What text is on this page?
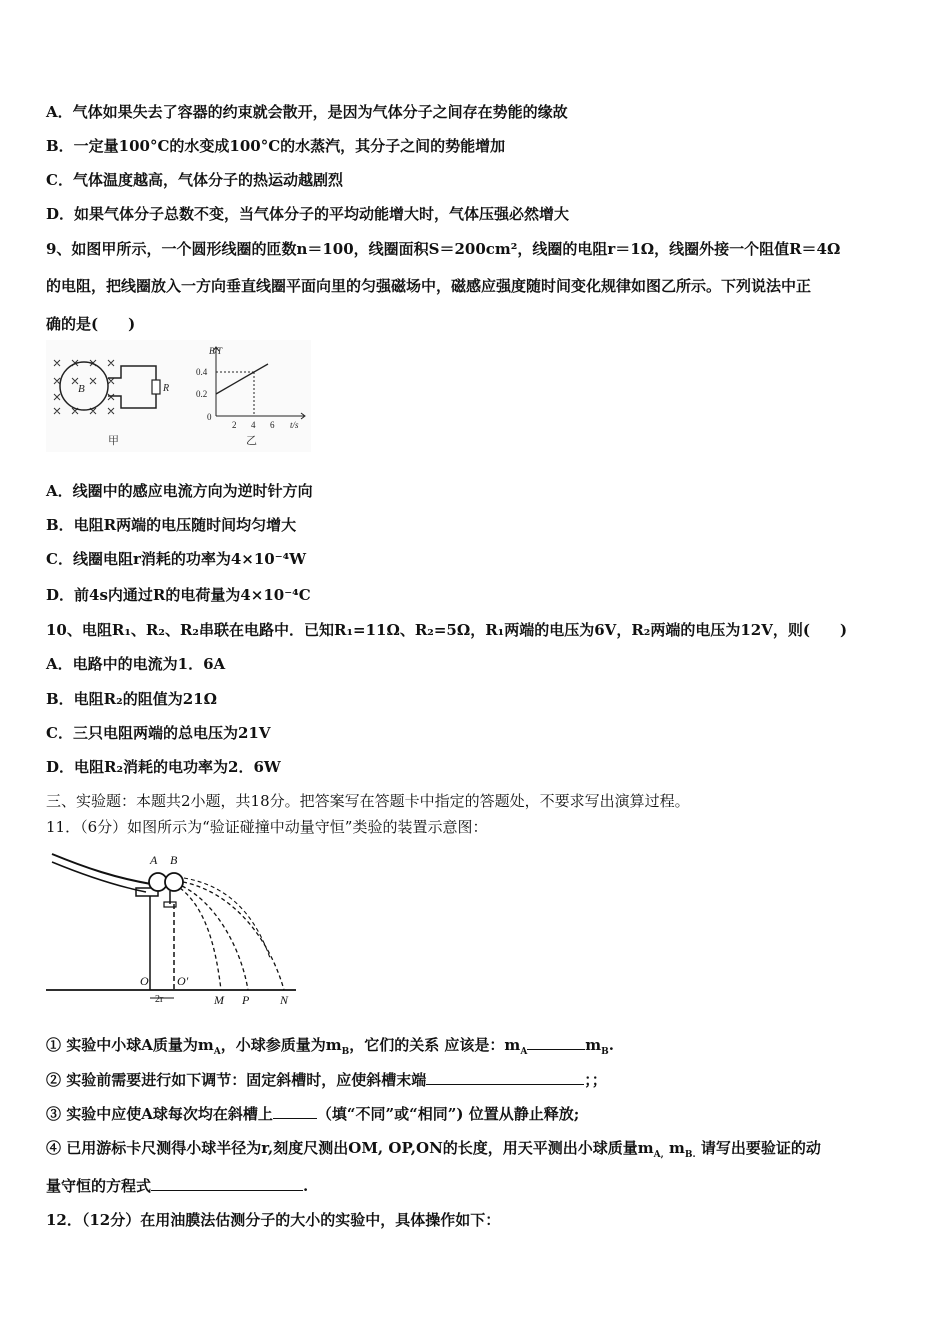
A．气体如果失去了容器的约束就会散开，是因为气体分子之间存在势能的缘故
B．一定量100°C的水变成100°C的水蒸汽，其分子之间的势能增加
C．气体温度越高，气体分子的热运动越剧烈
D．如果气体分子总数不变，当气体分子的平均动能增大时，气体压强必然增大
9、如图甲所示，一个圆形线圈的匝数n＝100，线圈面积S＝200cm²，线圈的电阻r＝1Ω，线圈外接一个阻值R＝4Ω
的电阻，把线圈放入一方向垂直线圈平面向里的匀强磁场中，磁感应强度随时间变化规律如图乙所示。下列说法中正
确的是(　　)
B	R
甲
B/T
t/s
0.4
0.2
0
2 4 6
乙
A．线圈中的感应电流方向为逆时针方向
B．电阻R两端的电压随时间均匀增大
C．线圈电阻r消耗的功率为4×10⁻⁴W
D．前4s内通过R的电荷量为4×10⁻⁴C
10、电阻R₁、R₂、R₂串联在电路中．已知R₁=11Ω、R₂=5Ω，R₁两端的电压为6V，R₂两端的电压为12V，则(　　)
A．电路中的电流为1．6A
B．电阻R₂的阻值为21Ω
C．三只电阻两端的总电压为21V
D．电阻R₂消耗的电功率为2．6W
三、实验题：本题共2小题，共18分。把答案写在答题卡中指定的答题处，不要求写出演算过程。
11．（6分）如图所示为“验证碰撞中动量守恒”类验的装置示意图：
A B
O O′
2r	M P	N
① 实验中小球A质量为$m_A$，小球参质量为$m_B$，它们的关系 应该是：$m_A$	$m_B$.
② 实验前需要进行如下调节：固定斜槽时，应使斜槽末端	；；
③ 实验中应使A球每次均在斜槽上	（填“不同”或“相同”) 位置从静止释放;
④ 已用游标卡尺测得小球半径为r,刻度尺测出OM, OP,ON的长度，用天平测出小球质量$m_{A,}$ $m_{B.}$ 请写出要验证的动
量守恒的方程式	.
12．（12分）在用油膜法估测分子的大小的实验中，具体操作如下：
